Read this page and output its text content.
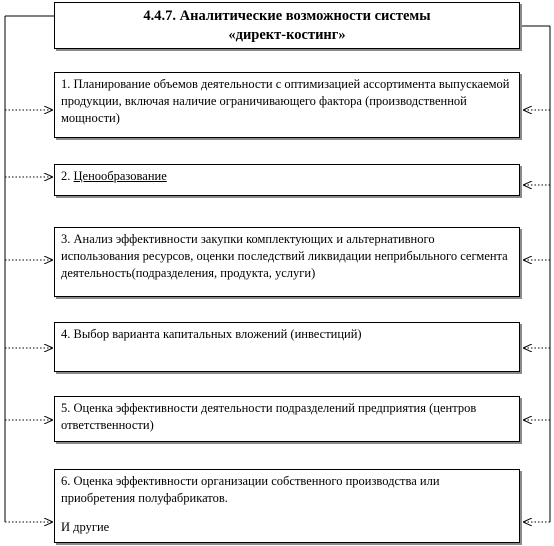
4.4.7. Аналитические возможности системы
«директ-костинг»
1. Планирование объемов деятельности с оптимизацией ассортимента выпускаемой продукции, включая наличие ограничивающего фактора (производственной мощности)
2. Ценообразование
3. Анализ эффективности закупки комплектующих и альтернативного использования ресурсов, оценки последствий ликвидации неприбыльного сегмента деятельность(подразделения, продукта, услуги)
4. Выбор варианта капитальных вложений (инвестиций)
5. Оценка эффективности деятельности подразделений предприятия (центров ответственности)
6. Оценка эффективности организации собственного производства или приобретения полуфабрикатов.
И другие
